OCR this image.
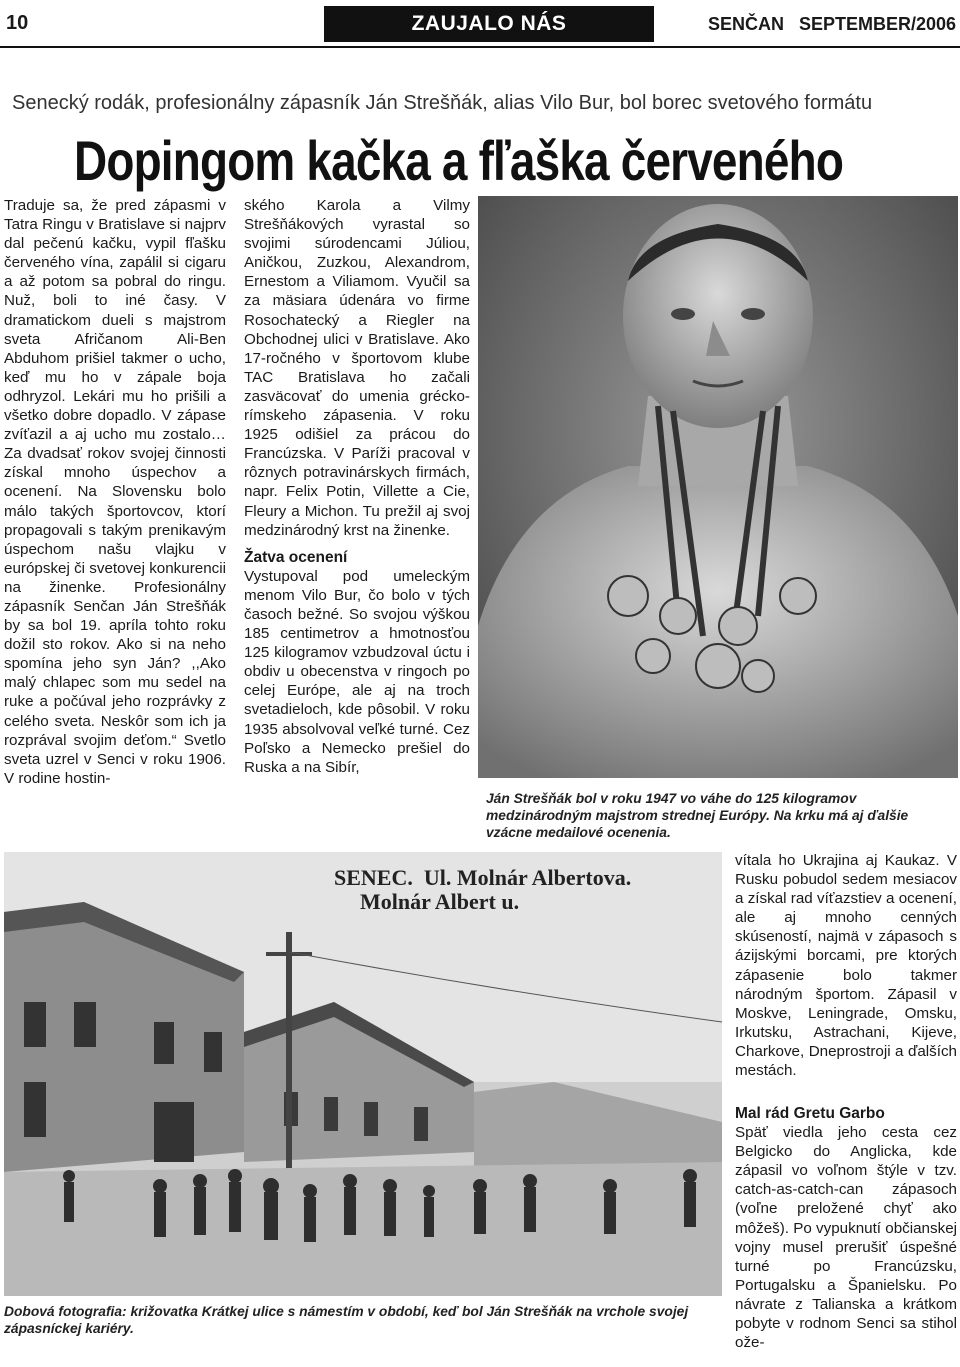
10	ZAUJALO NÁS	SENČAN   SEPTEMBER/2006
Senecký rodák, profesionálny zápasník Ján Strešňák, alias Vilo Bur, bol borec svetového formátu
Dopingom kačka a fľaška červeného

Traduje sa, že pred zápasmi v Tatra Ringu v Bratislave si najprv dal pečenú kačku, vypil fľašku červeného vína, zapálil si cigaru a až potom sa pobral do ringu. Nuž, boli to iné časy. V dramatickom dueli s majstrom sveta Afričanom Ali-Ben Abduhom prišiel takmer o ucho, keď mu ho v zápale boja odhryzol. Lekári mu ho prišili a všetko dobre dopadlo. V zápase zvíťazil a aj ucho mu zostalo… Za dvadsať rokov svojej činnosti získal mnoho úspechov a ocenení. Na Slovensku bolo málo takých športovcov, ktorí propagovali s takým prenikavým úspechom našu vlajku v európskej či svetovej konkurencii na žinenke. Profesionálny zápasník Senčan Ján Strešňák by sa bol 19. apríla tohto roku dožil sto rokov. Ako si na neho spomína jeho syn Ján? ,,Ako malý chlapec som mu sedel na ruke a počúval jeho rozprávky z celého sveta. Neskôr som ich ja rozprával svojim deťom.“ Svetlo sveta uzrel v Senci v roku 1906. V rodine hostin-

ského Karola a Vilmy Strešňákových vyrastal so svojimi súrodencami Júliou, Aničkou, Zuzkou, Alexandrom, Ernestom a Viliamom. Vyučil sa za mäsiara údenára vo firme Rosochatecký a Riegler na Obchodnej ulici v Bratislave. Ako 17-ročného v športovom klube TAC Bratislava ho začali zasväcovať do umenia grécko-rímskeho zápasenia. V roku 1925 odišiel za prácou do Francúzska. V Paríži pracoval v rôznych potravinárskych firmách, napr. Felix Potin, Villette a Cie, Fleury a Michon. Tu prežil aj svoj medzinárodný krst na žinenke.

Žatva ocenení

Vystupoval pod umeleckým menom Vilo Bur, čo bolo v tých časoch bežné. So svojou výškou 185 centimetrov a hmotnosťou 125 kilogramov vzbudzoval úctu i obdiv u obecenstva v ringoch po celej Európe, ale aj na troch svetadieloch, kde pôsobil. V roku 1935 absolvoval veľké turné. Cez Poľsko a Nemecko prešiel do Ruska a na Sibír,

Ján Strešňák bol v roku 1947 vo váhe do 125 kilogramov medzinárodným majstrom strednej Európy. Na krku má aj ďalšie vzácne medailové ocenenia.
SENEC.  Ul. Molnár Albertova.
Molnár Albert u.
Dobová fotografia: križovatka Krátkej ulice s námestím v období, keď bol Ján Strešňák na vrchole svojej zápasníckej kariéry.

vítala ho Ukrajina aj Kaukaz. V Rusku pobudol sedem mesiacov a získal rad víťazstiev a ocenení, ale aj mnoho cenných skúseností, najmä v zápasoch s ázijskými borcami, pre ktorých zápasenie bolo takmer národným športom. Zápasil v Moskve, Leningrade, Omsku, Irkutsku, Astrachani, Kijeve, Charkove, Dneprostroji a ďalších mestách.

Mal rád Gretu Garbo

Späť viedla jeho cesta cez Belgicko do Anglicka, kde zápasil vo voľnom štýle v tzv. catch-as-catch-can zápasoch (voľne preložené chyť ako môžeš). Po vypuknutí občianskej vojny musel prerušiť úspešné turné po Francúzsku, Portugalsku a Španielsku. Po návrate z Talianska a krátkom pobyte v rodnom Senci sa stihol ože-
